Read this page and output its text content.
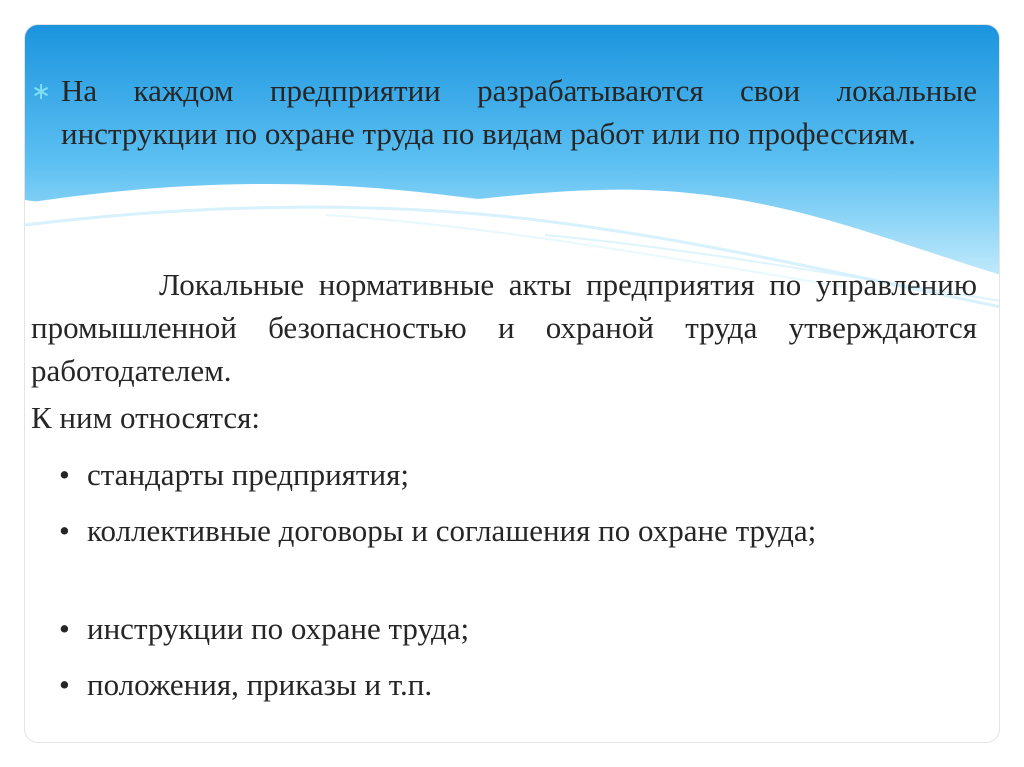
∗ На каждом предприятии разрабатываются свои локальные инструкции по охране труда по видам работ или по профессиям.

Локальные нормативные акты предприятия по управлению промышленной безопасностью и охраной труда утверждаются работодателем.

К ним относятся:

• стандарты предприятия;

• коллективные договоры и соглашения по охране труда;

• инструкции по охране труда;

• положения, приказы и т.п.
